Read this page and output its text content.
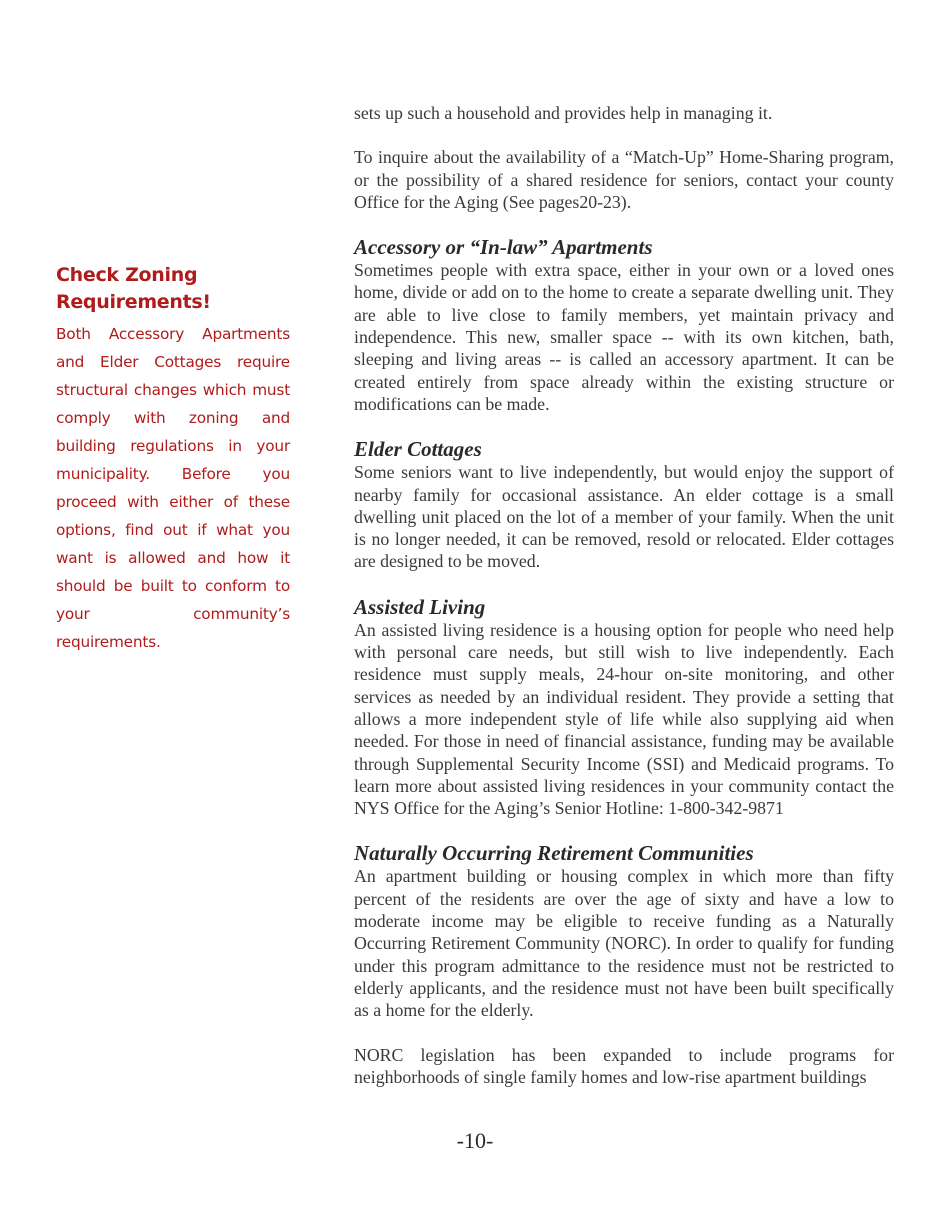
Check Zoning Requirements!

Both Accessory Apartments and Elder Cottages require structural changes which must comply with zoning and building regulations in your municipality. Before you proceed with either of these options, find out if what you want is allowed and how it should be built to conform to your community’s requirements.

sets up such a household and provides help in managing it.

To inquire about the availability of a “Match-Up” Home-Sharing program, or the possibility of a shared residence for seniors, contact your county Office for the Aging (See pages20-23).

Accessory or “In-law” Apartments

Sometimes people with extra space, either in your own or a loved ones home, divide or add on to the home to create a separate dwelling unit. They are able to live close to family members, yet maintain privacy and independence. This new, smaller space -- with its own kitchen, bath, sleeping and living areas -- is called an accessory apartment. It can be created entirely from space already within the existing structure or modifications can be made.

Elder Cottages

Some seniors want to live independently, but would enjoy the support of nearby family for occasional assistance. An elder cottage is a small dwelling unit placed on the lot of a member of your family. When the unit is no longer needed, it can be removed, resold or relocated. Elder cottages are designed to be moved.

Assisted Living

An assisted living residence is a housing option for people who need help with personal care needs, but still wish to live independently. Each residence must supply meals, 24-hour on-site monitoring, and other services as needed by an individual resident. They provide a setting that allows a more independent style of life while also supplying aid when needed. For those in need of financial assistance, funding may be available through Supplemental Security Income (SSI) and Medicaid programs. To learn more about assisted living residences in your community contact the NYS Office for the Aging’s Senior Hotline: 1-800-342-9871

Naturally Occurring Retirement Communities

An apartment building or housing complex in which more than fifty percent of the residents are over the age of sixty and have a low to moderate income may be eligible to receive funding as a Naturally Occurring Retirement Community (NORC). In order to qualify for funding under this program admittance to the residence must not be restricted to elderly applicants, and the residence must not have been built specifically as a home for the elderly.

NORC legislation has been expanded to include programs for neighborhoods of single family homes and low-rise apartment buildings

-10-
